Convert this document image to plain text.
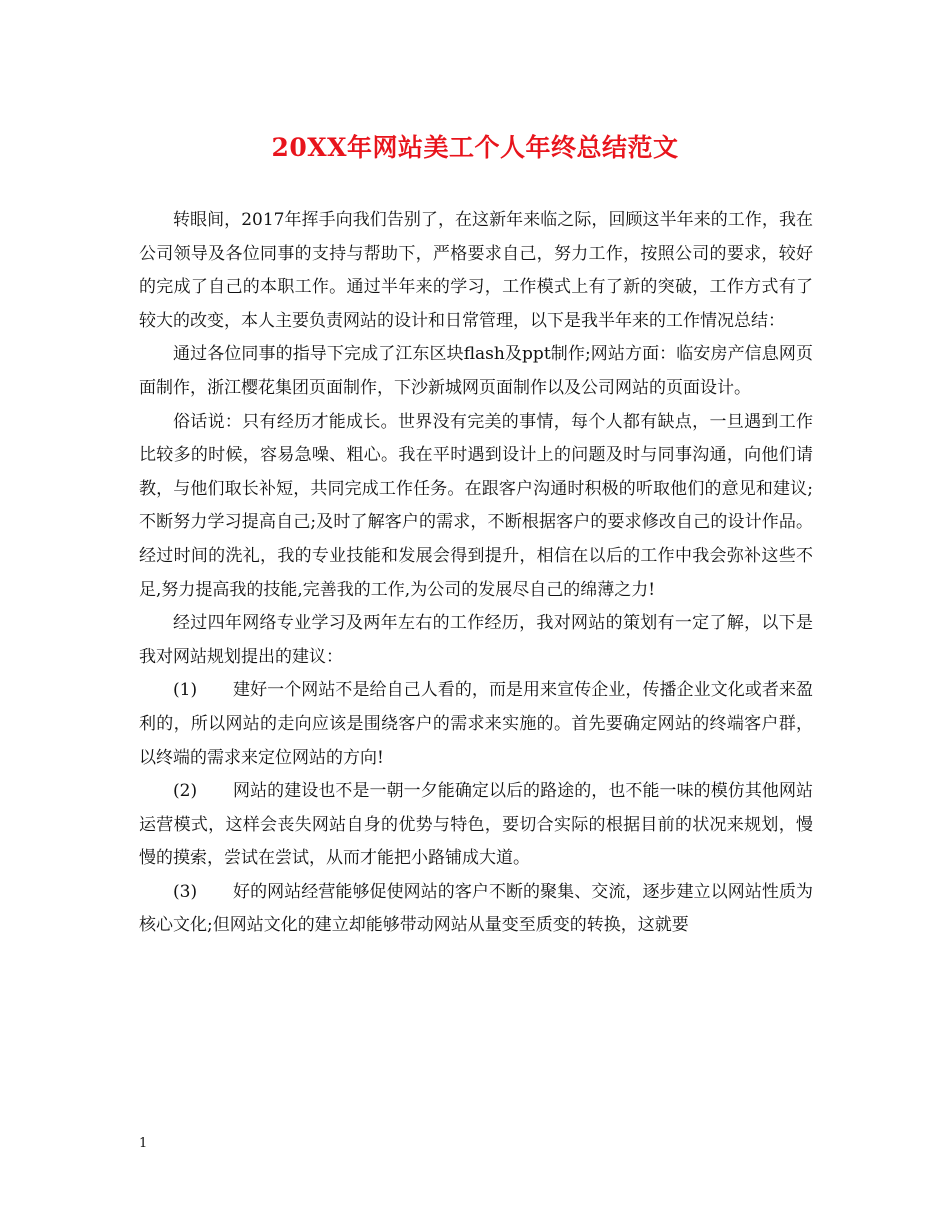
20XX年网站美工个人年终总结范文

转眼间，2017年挥手向我们告别了，在这新年来临之际，回顾这半年来的工作，我在公司领导及各位同事的支持与帮助下，严格要求自己，努力工作，按照公司的要求，较好的完成了自己的本职工作。通过半年来的学习，工作模式上有了新的突破，工作方式有了较大的改变，本人主要负责网站的设计和日常管理，以下是我半年来的工作情况总结：

通过各位同事的指导下完成了江东区块flash及ppt制作;网站方面：临安房产信息网页面制作，浙江樱花集团页面制作，下沙新城网页面制作以及公司网站的页面设计。

俗话说：只有经历才能成长。世界没有完美的事情，每个人都有缺点，一旦遇到工作比较多的时候，容易急噪、粗心。我在平时遇到设计上的问题及时与同事沟通，向他们请教，与他们取长补短，共同完成工作任务。在跟客户沟通时积极的听取他们的意见和建议;不断努力学习提高自己;及时了解客户的需求，不断根据客户的要求修改自己的设计作品。经过时间的洗礼，我的专业技能和发展会得到提升，相信在以后的工作中我会弥补这些不足,努力提高我的技能,完善我的工作,为公司的发展尽自己的绵薄之力!

经过四年网络专业学习及两年左右的工作经历，我对网站的策划有一定了解，以下是我对网站规划提出的建议：

(1) 建好一个网站不是给自己人看的，而是用来宣传企业，传播企业文化或者来盈利的，所以网站的走向应该是围绕客户的需求来实施的。首先要确定网站的终端客户群，以终端的需求来定位网站的方向!

(2) 网站的建设也不是一朝一夕能确定以后的路途的，也不能一味的模仿其他网站运营模式，这样会丧失网站自身的优势与特色，要切合实际的根据目前的状况来规划，慢慢的摸索，尝试在尝试，从而才能把小路铺成大道。

(3) 好的网站经营能够促使网站的客户不断的聚集、交流，逐步建立以网站性质为核心文化;但网站文化的建立却能够带动网站从量变至质变的转换，这就要

1
